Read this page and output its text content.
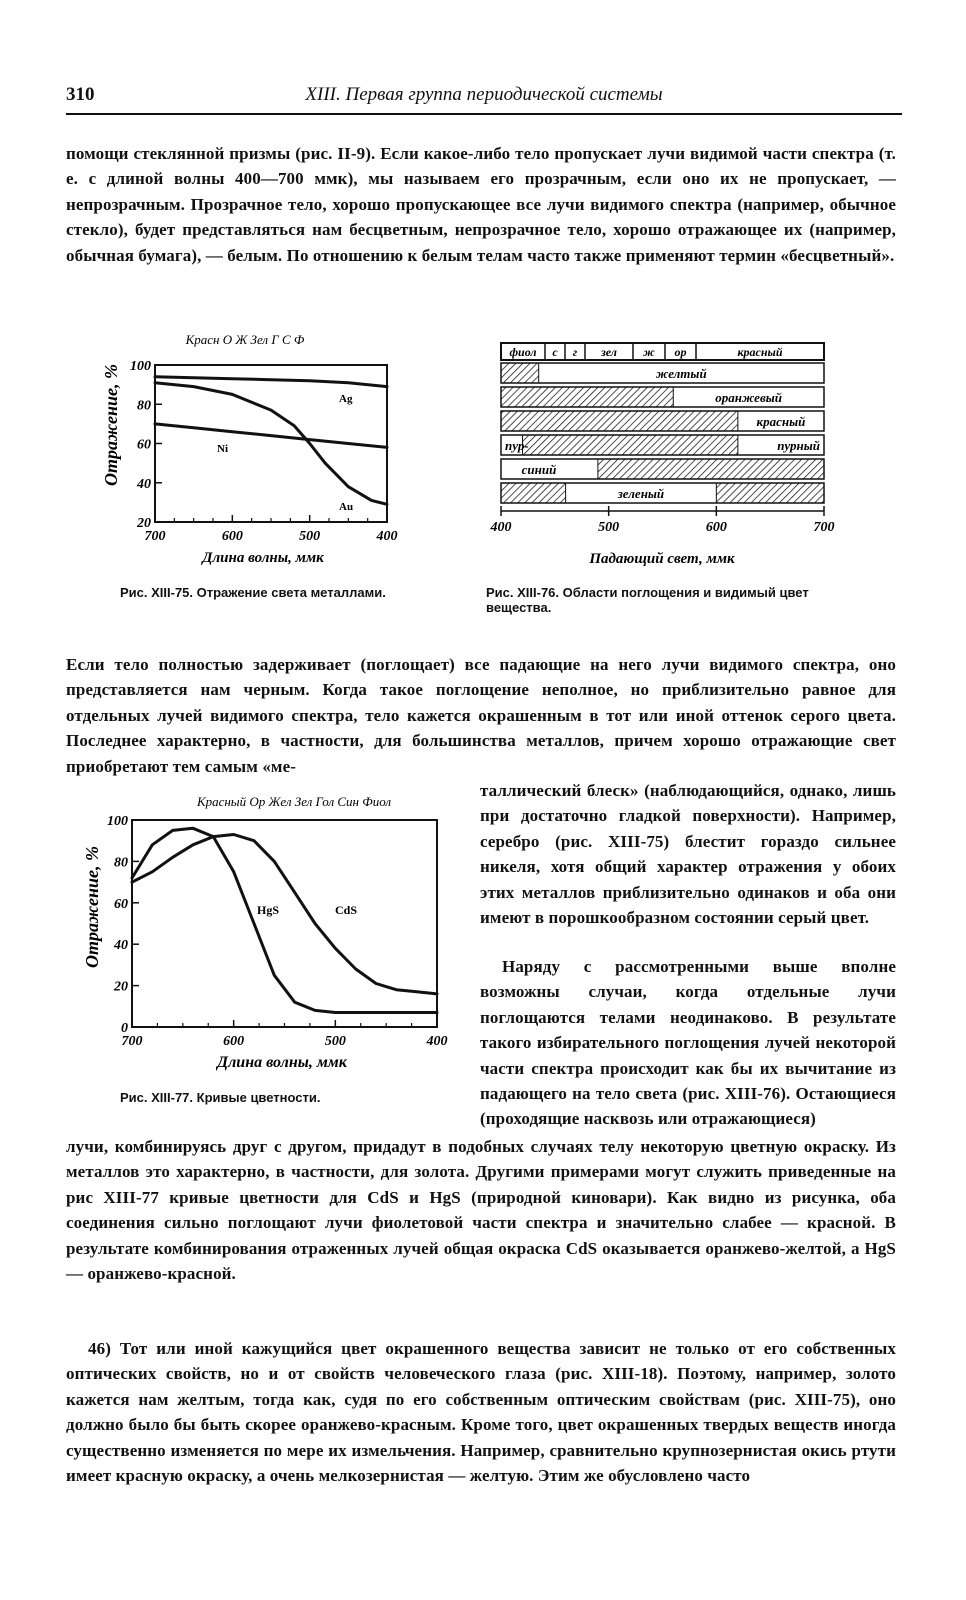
310	XIII. Первая группа периодической системы

помощи стеклянной призмы (рис. II-9). Если какое-либо тело пропускает лучи видимой части спектра (т. е. с длиной волны 400—700 ммк), мы называем его прозрачным, если оно их не пропускает, — непрозрачным. Прозрачное тело, хорошо пропускающее все лучи видимого спектра (например, обычное стекло), будет представляться нам бесцветным, непрозрачное тело, хорошо отражающее их (например, обычная бумага), — белым. По отношению к белым телам часто также применяют термин «бесцветный».

Отражение, %
Красн О Ж Зел Г С Ф
Длина волны, ммк
Ag
Ni
Au
700	600	500	400
100
80
60
40
20
Рис. XIII-75. Отражение света металлами.
Падающий свет, ммк
фиол с г зел ж ор	красный
желтый
оранжевый
красный
пур-	пурный
синий
зеленый
400	500	600	700
Рис. XIII-76. Области поглощения и видимый цвет вещества.

Если тело полностью задерживает (поглощает) все падающие на него лучи видимого спектра, оно представляется нам черным. Когда такое поглощение неполное, но приблизительно равное для отдельных лучей видимого спектра, тело кажется окрашенным в тот или иной оттенок серого цвета. Последнее характерно, в частности, для большинства металлов, причем хорошо отражающие свет приобретают тем самым «ме-

Отражение, %
Красный Ор Жел Зел Гол Син Фиол
Длина волны, ммк
HgS	CdS
700	600	500	400
100
80
60
40
20
0
Рис. XIII-77. Кривые цветности.

таллический блеск» (наблюдающийся, однако, лишь при достаточно гладкой поверхности). Например, серебро (рис. XIII-75) блестит гораздо сильнее никеля, хотя общий характер отражения у обоих этих металлов приблизительно одинаков и оба они имеют в порошкообразном состоянии серый цвет.

Наряду с рассмотренными выше вполне возможны случаи, когда отдельные лучи поглощаются телами неодинаково. В результате такого избирательного поглощения лучей некоторой части спектра происходит как бы их вычитание из падающего на тело света (рис. XIII-76). Остающиеся (проходящие насквозь или отражающиеся)

лучи, комбинируясь друг с другом, придадут в подобных случаях телу некоторую цветную окраску. Из металлов это характерно, в частности, для золота. Другими примерами могут служить приведенные на рис XIII-77 кривые цветности для CdS и HgS (природной киновари). Как видно из рисунка, оба соединения сильно поглощают лучи фиолетовой части спектра и значительно слабее — красной. В результате комбинирования отраженных лучей общая окраска CdS оказывается оранжево-желтой, а HgS — оранжево-красной.

46) Тот или иной кажущийся цвет окрашенного вещества зависит не только от его собственных оптических свойств, но и от свойств человеческого глаза (рис. XIII-18). Поэтому, например, золото кажется нам желтым, тогда как, судя по его собственным оптическим свойствам (рис. XIII-75), оно должно было бы быть скорее оранжево-красным. Кроме того, цвет окрашенных твердых веществ иногда существенно изменяется по мере их измельчения. Например, сравнительно крупнозернистая окись ртути имеет красную окраску, а очень мелкозернистая — желтую. Этим же обусловлено часто
